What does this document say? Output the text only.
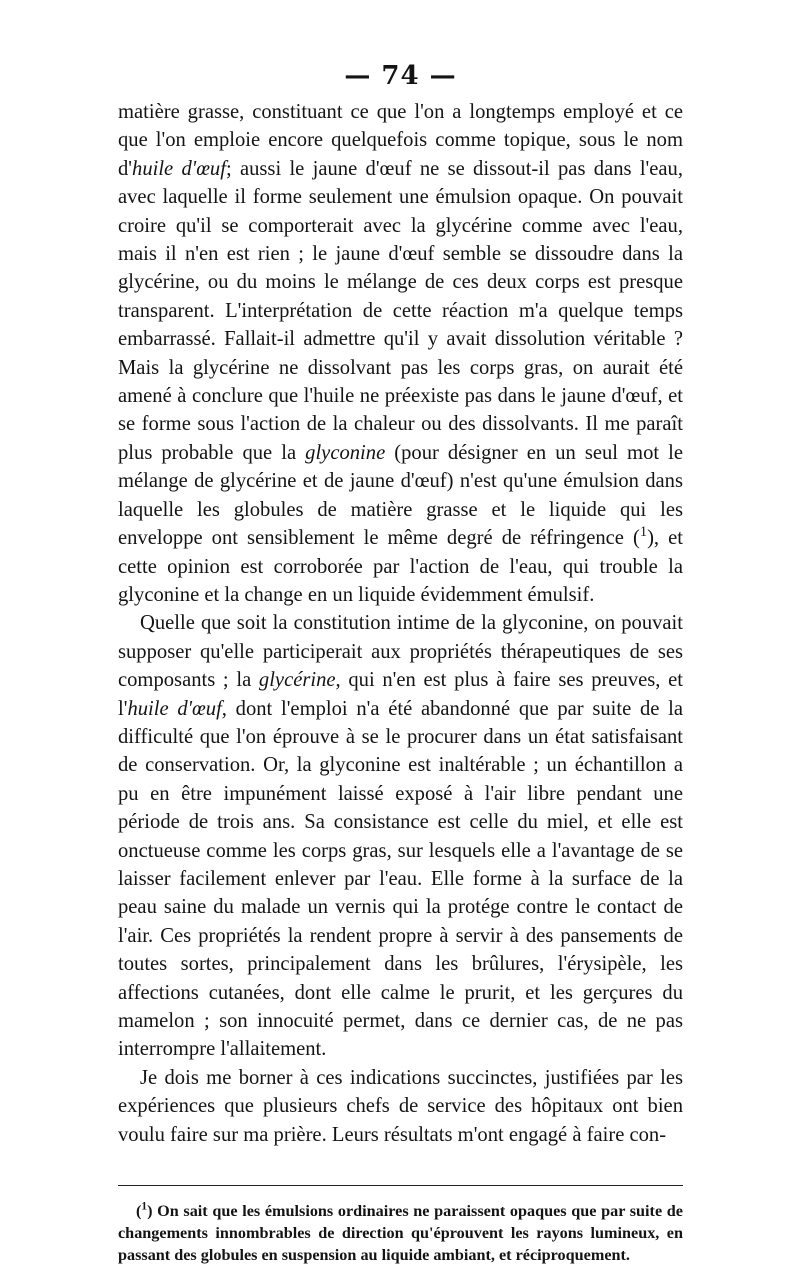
— 74 —

matière grasse, constituant ce que l'on a longtemps employé et ce que l'on emploie encore quelquefois comme topique, sous le nom d'huile d'œuf; aussi le jaune d'œuf ne se dissout-il pas dans l'eau, avec laquelle il forme seulement une émulsion opaque. On pouvait croire qu'il se comporterait avec la glycérine comme avec l'eau, mais il n'en est rien ; le jaune d'œuf semble se dissoudre dans la glycérine, ou du moins le mélange de ces deux corps est presque transparent. L'interprétation de cette réaction m'a quelque temps embarrassé. Fallait-il admettre qu'il y avait dissolution véritable ? Mais la glycérine ne dissolvant pas les corps gras, on aurait été amené à conclure que l'huile ne préexiste pas dans le jaune d'œuf, et se forme sous l'action de la chaleur ou des dissolvants. Il me paraît plus probable que la glyconine (pour désigner en un seul mot le mélange de glycérine et de jaune d'œuf) n'est qu'une émulsion dans laquelle les globules de matière grasse et le liquide qui les enveloppe ont sensiblement le même degré de réfringence ($^1$), et cette opinion est corroborée par l'action de l'eau, qui trouble la glyconine et la change en un liquide évidemment émulsif.

Quelle que soit la constitution intime de la glyconine, on pouvait supposer qu'elle participerait aux propriétés thérapeutiques de ses composants ; la glycérine, qui n'en est plus à faire ses preuves, et l'huile d'œuf, dont l'emploi n'a été abandonné que par suite de la difficulté que l'on éprouve à se le procurer dans un état satisfaisant de conservation. Or, la glyconine est inaltérable ; un échantillon a pu en être impunément laissé exposé à l'air libre pendant une période de trois ans. Sa consistance est celle du miel, et elle est onctueuse comme les corps gras, sur lesquels elle a l'avantage de se laisser facilement enlever par l'eau. Elle forme à la surface de la peau saine du malade un vernis qui la protége contre le contact de l'air. Ces propriétés la rendent propre à servir à des pansements de toutes sortes, principalement dans les brûlures, l'érysipèle, les affections cutanées, dont elle calme le prurit, et les gerçures du mamelon ; son innocuité permet, dans ce dernier cas, de ne pas interrompre l'allaitement.

Je dois me borner à ces indications succinctes, justifiées par les expériences que plusieurs chefs de service des hôpitaux ont bien voulu faire sur ma prière. Leurs résultats m'ont engagé à faire con-

($^1$) On sait que les émulsions ordinaires ne paraissent opaques que par suite de changements innombrables de direction qu'éprouvent les rayons lumineux, en passant des globules en suspension au liquide ambiant, et réciproquement.
